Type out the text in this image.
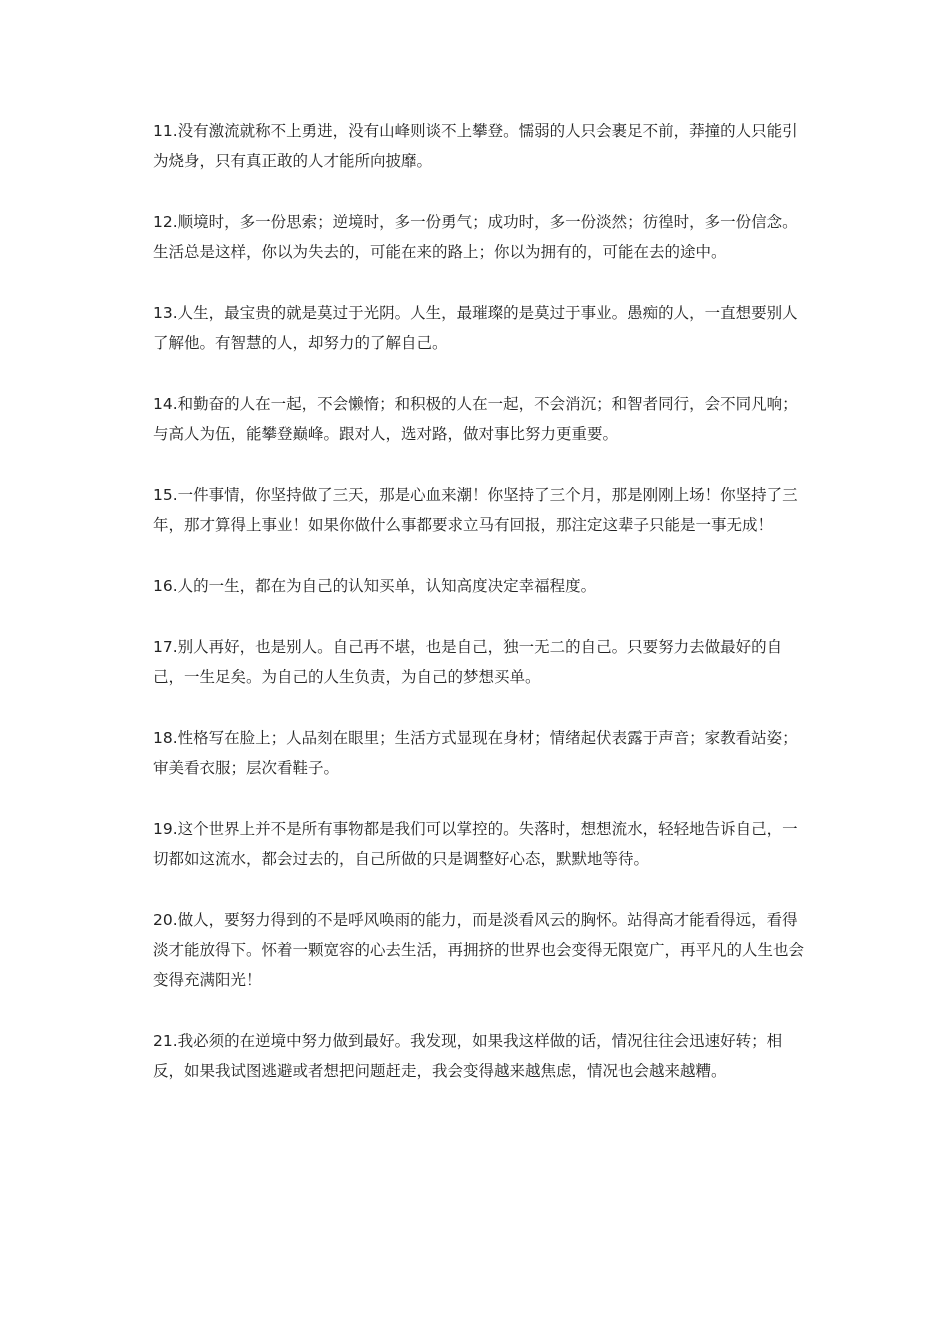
11.没有激流就称不上勇进，没有山峰则谈不上攀登。懦弱的人只会裹足不前，莽撞的人只能引为烧身，只有真正敢的人才能所向披靡。

12.顺境时，多一份思索；逆境时，多一份勇气；成功时，多一份淡然；彷徨时，多一份信念。生活总是这样，你以为失去的，可能在来的路上；你以为拥有的，可能在去的途中。

13.人生，最宝贵的就是莫过于光阴。人生，最璀璨的是莫过于事业。愚痴的人，一直想要别人了解他。有智慧的人，却努力的了解自己。

14.和勤奋的人在一起，不会懒惰；和积极的人在一起，不会消沉；和智者同行，会不同凡响；与高人为伍，能攀登巅峰。跟对人，选对路，做对事比努力更重要。

15.一件事情，你坚持做了三天，那是心血来潮！你坚持了三个月，那是刚刚上场！你坚持了三年，那才算得上事业！如果你做什么事都要求立马有回报，那注定这辈子只能是一事无成！

16.人的一生，都在为自己的认知买单，认知高度决定幸福程度。

17.别人再好，也是别人。自己再不堪，也是自己，独一无二的自己。只要努力去做最好的自己，一生足矣。为自己的人生负责，为自己的梦想买单。

18.性格写在脸上；人品刻在眼里；生活方式显现在身材；情绪起伏表露于声音；家教看站姿；审美看衣服；层次看鞋子。

19.这个世界上并不是所有事物都是我们可以掌控的。失落时，想想流水，轻轻地告诉自己，一切都如这流水，都会过去的，自己所做的只是调整好心态，默默地等待。

20.做人，要努力得到的不是呼风唤雨的能力，而是淡看风云的胸怀。站得高才能看得远，看得淡才能放得下。怀着一颗宽容的心去生活，再拥挤的世界也会变得无限宽广，再平凡的人生也会变得充满阳光！

21.我必须的在逆境中努力做到最好。我发现，如果我这样做的话，情况往往会迅速好转；相反，如果我试图逃避或者想把问题赶走，我会变得越来越焦虑，情况也会越来越糟。
